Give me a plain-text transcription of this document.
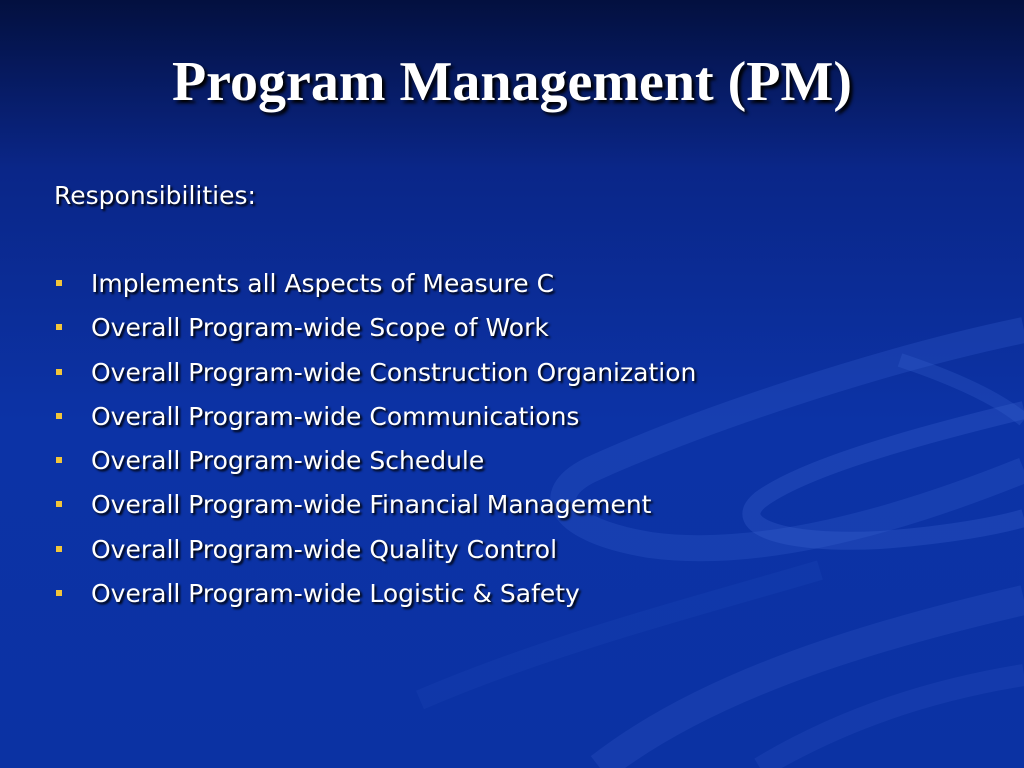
Program Management (PM)
Responsibilities:
Implements all Aspects of Measure C
Overall Program-wide Scope of Work
Overall Program-wide Construction Organization
Overall Program-wide Communications
Overall Program-wide Schedule
Overall Program-wide Financial Management
Overall Program-wide Quality Control
Overall Program-wide Logistic & Safety
